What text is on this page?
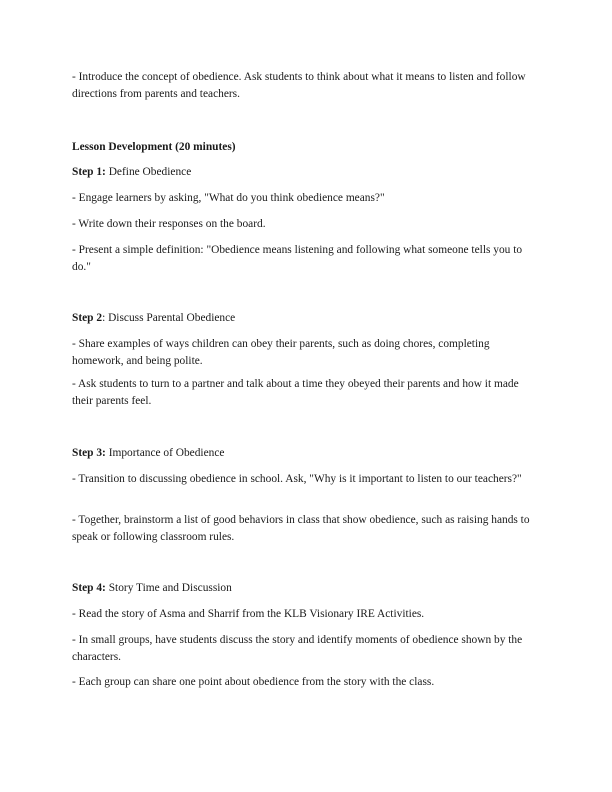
- Introduce the concept of obedience. Ask students to think about what it means to listen and follow directions from parents and teachers.
Lesson Development (20 minutes)
Step 1: Define Obedience
- Engage learners by asking, "What do you think obedience means?"
- Write down their responses on the board.
- Present a simple definition: "Obedience means listening and following what someone tells you to do."
Step 2: Discuss Parental Obedience
- Share examples of ways children can obey their parents, such as doing chores, completing homework, and being polite.
- Ask students to turn to a partner and talk about a time they obeyed their parents and how it made their parents feel.
Step 3: Importance of Obedience
- Transition to discussing obedience in school. Ask, "Why is it important to listen to our teachers?"
- Together, brainstorm a list of good behaviors in class that show obedience, such as raising hands to speak or following classroom rules.
Step 4: Story Time and Discussion
- Read the story of Asma and Sharrif from the KLB Visionary IRE Activities.
- In small groups, have students discuss the story and identify moments of obedience shown by the characters.
- Each group can share one point about obedience from the story with the class.
